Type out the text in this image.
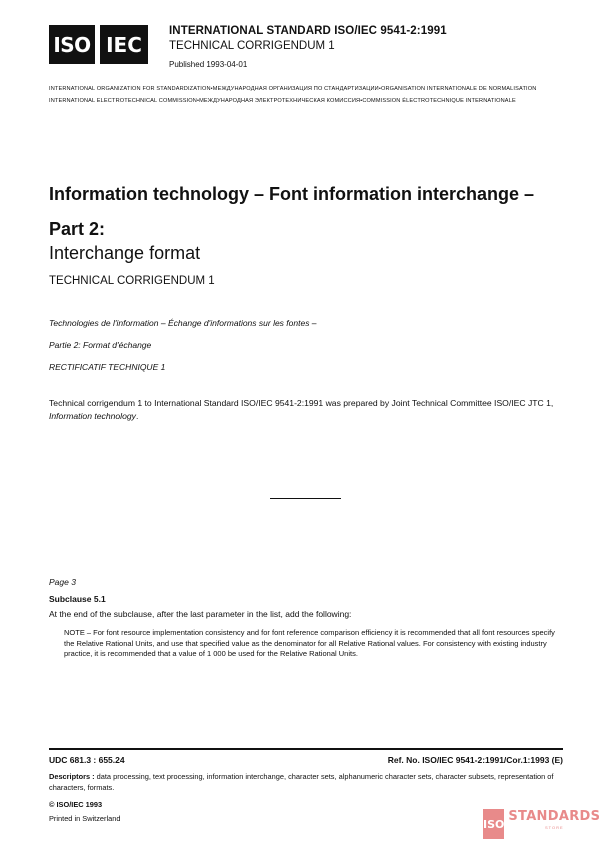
ISO IEC
INTERNATIONAL STANDARD ISO/IEC 9541-2:1991
TECHNICAL CORRIGENDUM 1
Published 1993-04-01
INTERNATIONAL ORGANIZATION FOR STANDARDIZATION•МЕЖДУНАРОДНАЯ ОРГАНИЗАЦИЯ ПО СТАНДАРТИЗАЦИИ•ORGANISATION INTERNATIONALE DE NORMALISATION
INTERNATIONAL ELECTROTECHNICAL COMMISSION•МЕЖДУНАРОДНАЯ ЭЛЕКТРОТЕХНИЧЕСКАЯ КОМИССИЯ•COMMISSION ÉLECTROTECHNIQUE INTERNATIONALE
Information technology – Font information interchange –
Part 2:
Interchange format
TECHNICAL CORRIGENDUM 1
Technologies de l'information – Échange d'informations sur les fontes –
Partie 2: Format d'échange
RECTIFICATIF TECHNIQUE 1
Technical corrigendum 1 to International Standard ISO/IEC 9541-2:1991 was prepared by Joint Technical Committee ISO/IEC JTC 1, Information technology.
Page 3
Subclause 5.1
At the end of the subclause, after the last parameter in the list, add the following:
NOTE – For font resource implementation consistency and for font reference comparison efficiency it is recommended that all font resources specify the Relative Rational Units, and use that specified value as the denominator for all Relative Rational values. For consistency with existing industry practice, it is recommended that a value of 1 000 be used for the Relative Rational Units.
UDC 681.3 : 655.24	Ref. No. ISO/IEC 9541-2:1991/Cor.1:1993 (E)
Descriptors : data processing, text processing, information interchange, character sets, alphanumeric character sets, character subsets, representation of characters, formats.
© ISO/IEC 1993
Printed in Switzerland	ISO STANDARDS
STORE
